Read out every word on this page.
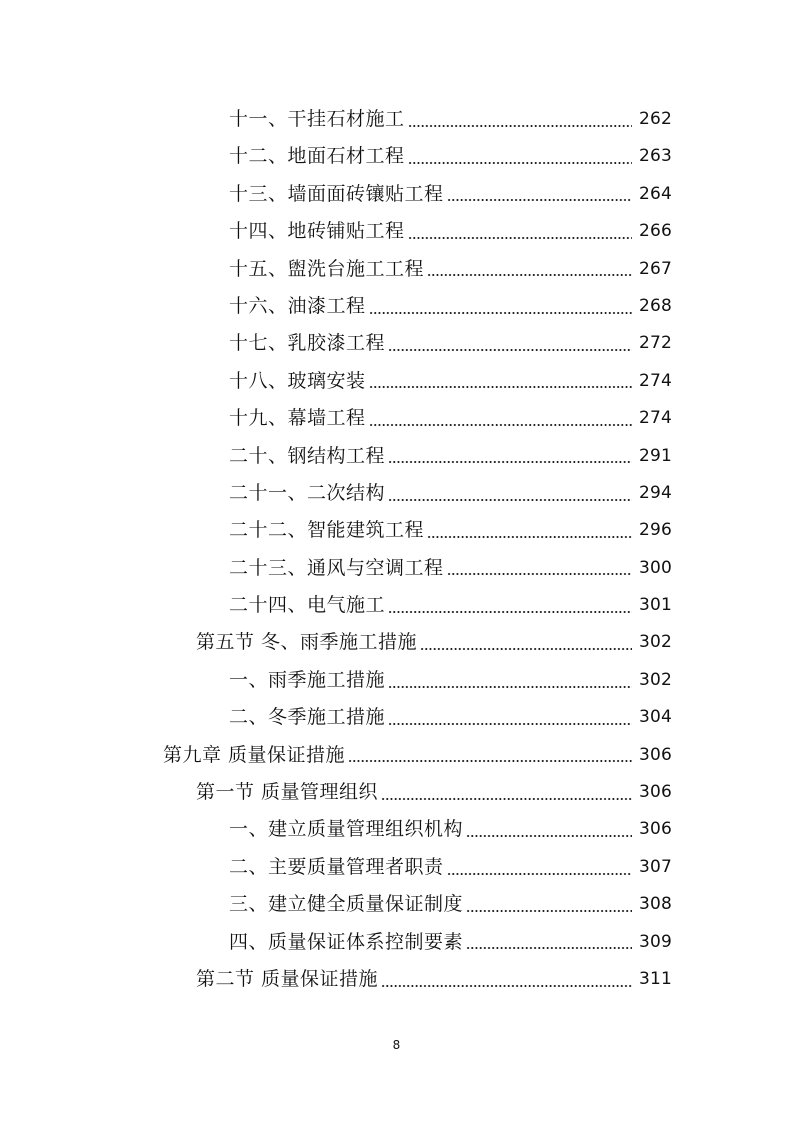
十一、干挂石材施工	262
十二、地面石材工程	263
十三、墙面面砖镶贴工程	264
十四、地砖铺贴工程	266
十五、盥洗台施工工程	267
十六、油漆工程	268
十七、乳胶漆工程	272
十八、玻璃安装	274
十九、幕墙工程	274
二十、钢结构工程	291
二十一、二次结构	294
二十二、智能建筑工程	296
二十三、通风与空调工程	300
二十四、电气施工	301
第五节 冬、雨季施工措施	302
一、雨季施工措施	302
二、冬季施工措施	304
第九章 质量保证措施	306
第一节 质量管理组织	306
一、建立质量管理组织机构	306
二、主要质量管理者职责	307
三、建立健全质量保证制度	308
四、质量保证体系控制要素	309
第二节 质量保证措施	311
8
